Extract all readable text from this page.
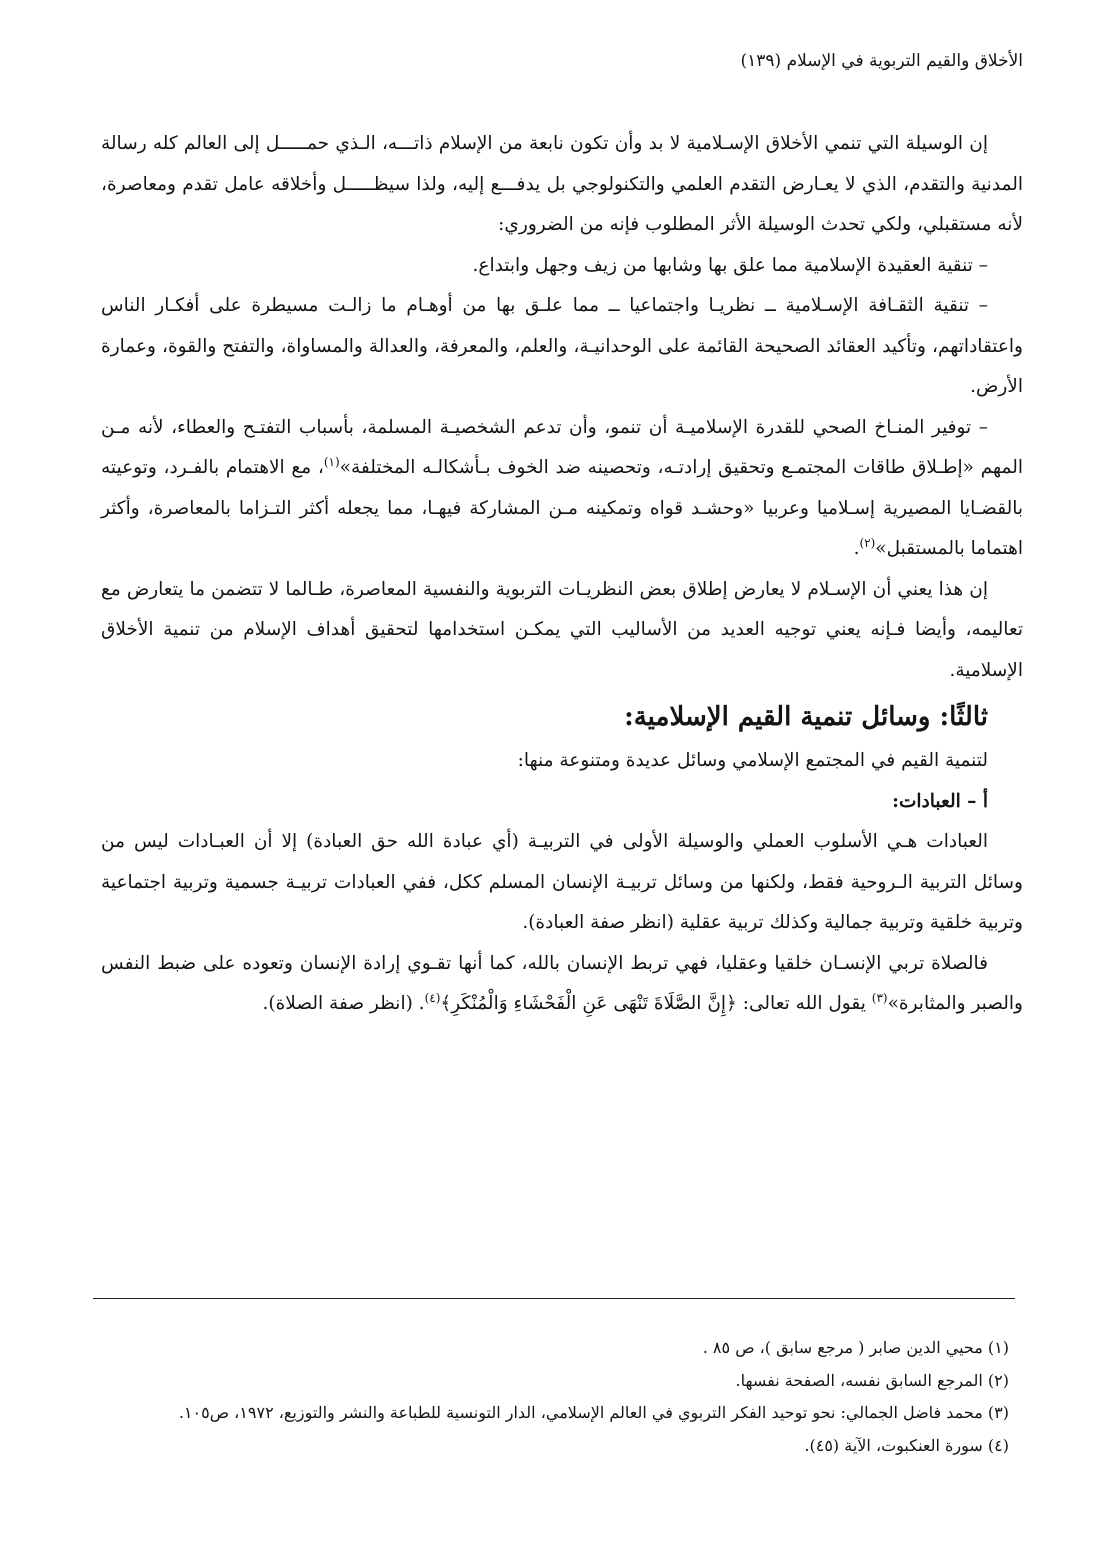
الأخلاق والقيم التربوية في الإسلام (١٣٩)

إن الوسيلة التي تنمي الأخلاق الإسـلامية لا بد وأن تكون نابعة من الإسلام ذاتـــه، الـذي حمـــــل إلى العالم كله رسالة المدنية والتقدم، الذي لا يعـارض التقدم العلمي والتكنولوجي بل يدفـــع إليه، ولذا سيظـــــل وأخلاقه عامل تقدم ومعاصرة، لأنه مستقبلي، ولكي تحدث الوسيلة الأثر المطلوب فإنه من الضروري:

– تنقية العقيدة الإسلامية مما علق بها وشابها من زيف وجهل وابتداع.

– تنقية الثقـافة الإسـلامية ــ نظريـا واجتماعيا ــ مما علـق بها من أوهـام ما زالـت مسيطرة على أفكـار الناس واعتقاداتهم، وتأكيد العقائد الصحيحة القائمة على الوحدانيـة، والعلم، والمعرفة، والعدالة والمساواة، والتفتح والقوة، وعمارة الأرض.

– توفير المنـاخ الصحي للقدرة الإسلاميـة أن تنمو، وأن تدعم الشخصيـة المسلمة، بأسباب التفتـح والعطاء، لأنه مـن المهم «إطـلاق طاقات المجتمـع وتحقيق إرادتـه، وتحصينه ضد الخوف بـأشكالـه المختلفة»$^{(١)}$، مع الاهتمام بالفـرد، وتوعيته بالقضـايا المصيرية إسـلاميا وعربيا «وحشـد قواه وتمكينه مـن المشاركة فيهـا، مما يجعله أكثر التـزاما بالمعاصرة، وأكثر اهتماما بالمستقبل»$^{(٢)}$.

إن هذا يعني أن الإسـلام لا يعارض إطلاق بعض النظريـات التربوية والنفسية المعاصرة، طـالما لا تتضمن ما يتعارض مع تعاليمه، وأيضا فـإنه يعني توجيه العديد من الأساليب التي يمكـن استخدامها لتحقيق أهداف الإسلام من تنمية الأخلاق الإسلامية.

ثالثًا: وسائل تنمية القيم الإسلامية:

لتنمية القيم في المجتمع الإسلامي وسائل عديدة ومتنوعة منها:

أ – العبادات:

العبادات هـي الأسلوب العملي والوسيلة الأولى في التربيـة (أي عبادة الله حق العبادة) إلا أن العبـادات ليس من وسائل التربية الـروحية فقط، ولكنها من وسائل تربيـة الإنسان المسلم ككل، ففي العبادات تربيـة جسمية وتربية اجتماعية وتربية خلقية وتربية جمالية وكذلك تربية عقلية (انظر صفة العبادة).

فالصلاة تربي الإنسـان خلقيا وعقليا، فهي تربط الإنسان بالله، كما أنها تقـوي إرادة الإنسان وتعوده على ضبط النفس والصبر والمثابرة»$^{(٣)}$ يقول الله تعالى: ﴿إِنَّ الصَّلَاةَ تَنْهَى عَنِ الْفَحْشَاءِ وَالْمُنْكَرِ﴾$^{(٤)}$. (انظر صفة الصلاة).

(١) محيي الدين صابر ( مرجع سابق )، ص ٨٥ .

(٢) المرجع السابق نفسه، الصفحة نفسها.

(٣) محمد فاضل الجمالي: نحو توحيد الفكر التربوي في العالم الإسلامي، الدار التونسية للطباعة والنشر والتوزيع، ١٩٧٢، ص١٠٥.

(٤) سورة العنكبوت، الآية (٤٥).
